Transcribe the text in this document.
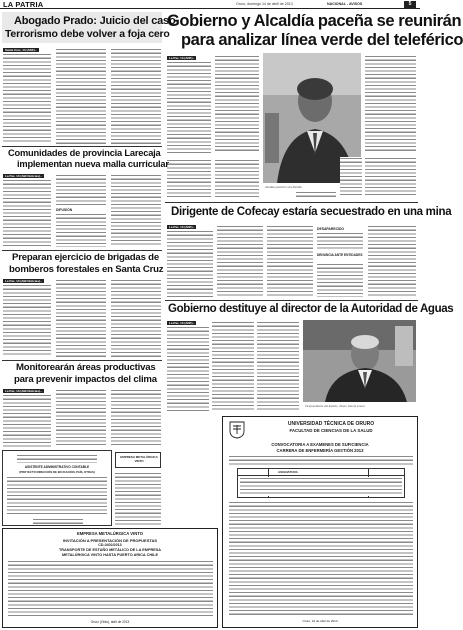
LA PATRIA	Oruro, domingo 14 de abril de 2013	NACIONAL - AVISOS	5
Abogado Prado: Juicio del caso
Terrorismo debe volver a foja cero
Santa Cruz, 13 (ANF).-
Gobierno y Alcaldía paceña se reunirán
para analizar línea verde del teleférico
La Paz, 13 (ANF).-
Alcalde paceño Luis Revilla
Comunidades de provincia Larecaja
implementan nueva malla curricular
La Paz, 13 (ABI Noticias).-
DIFUSIÓN	Dirigente de Cofecay estaría secuestrado en una mina
La Paz, 13 (ANF).-	DESAPARECIDO
DENUNCIA ANTE ENTIDADES
Preparan ejercicio de brigadas de
bomberos forestales en Santa Cruz
La Paz, 13 (ABI Noticias).-
Gobierno destituye al director de la Autoridad de Aguas
La Paz, 13 (ANF).-
Viceprecidente del Estado, Álvaro García Linera
Monitorearán áreas productivas
para prevenir impactos del clima
La Paz, 13 (ABI Noticias).-
ASISTENTE ADMINISTRATIVO CONTABLE
(PROYECTO DIRECCIÓN DE EDUCACIÓN, PAÍS, OTRAS)
EMPRESA METALÚRGICA VINTO
EMPRESA METALÚRGICA VINTO
INVITACIÓN A PRESENTACIÓN DE PROPUESTAS
CD-0402/2013
TRANSPORTE DE ESTAÑO METÁLICO DE LA EMPRESA
METALÚRGICA VINTO HASTA PUERTO ARICA CHILE
Oruro (Vinto), abril de 2013
UNIVERSIDAD TÉCNICA DE ORURO
FACULTAD DE CIENCIAS DE LA SALUD
CONVOCATORIA A EXAMENES DE SUFICIENCIA
CARRERA DE ENFERMERÍA GESTIÓN 2013
ASIGNATURA
Oruro, 10 de abril de 2013
